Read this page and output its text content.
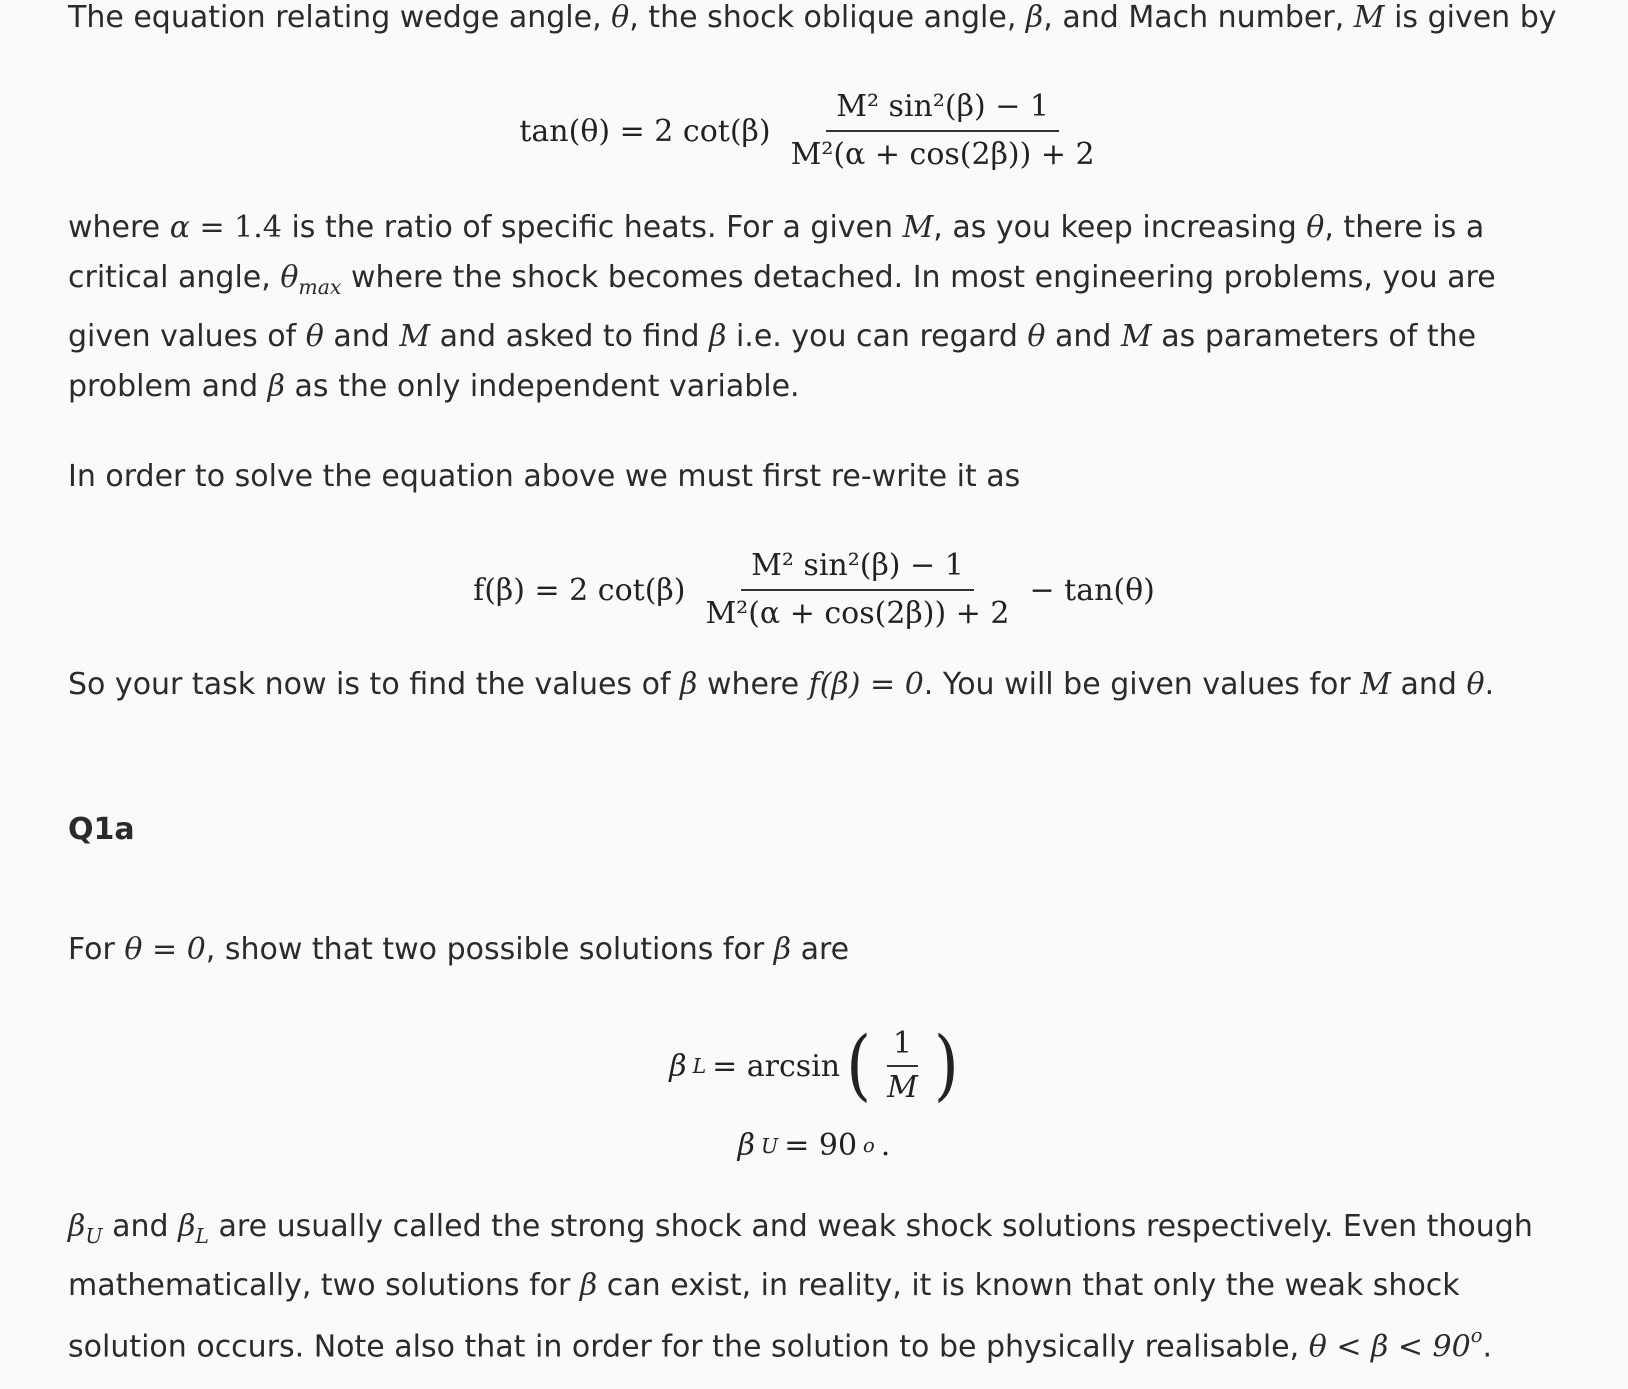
The equation relating wedge angle, θ, the shock oblique angle, β, and Mach number, M is given by

tan(θ) = 2 $\cot(\beta) \frac{\text{M² sin²(β) − 1}}{\text{M²(α + cos(2β)) + 2}}$

where α = 1.4 is the ratio of specific heats. For a given M, as you keep increasing θ, there is a critical angle, $\theta_{max}$ where the shock becomes detached. In most engineering problems, you are given values of θ and M and asked to find β i.e. you can regard θ and M as parameters of the problem and β as the only independent variable.

In order to solve the equation above we must first re-write it as

f(β) = 2 $\cot(\beta) \frac{\text{M² sin²(β) − 1}}{\text{M²(α + cos(2β)) + 2}} - \tan(\theta)$

So your task now is to find the values of β where f(β) = 0. You will be given values for M and θ.

Q1a

For θ = 0, show that two possible solutions for β are

β L = arcsin ( $\frac{1}{M}$ )
β U = 90 o .

$\beta_U$ and $\beta_L$ are usually called the strong shock and weak shock solutions respectively. Even though mathematically, two solutions for β can exist, in reality, it is known that only the weak shock solution occurs. Note also that in order for the solution to be physically realisable, $\theta < \beta < 90^o$.
